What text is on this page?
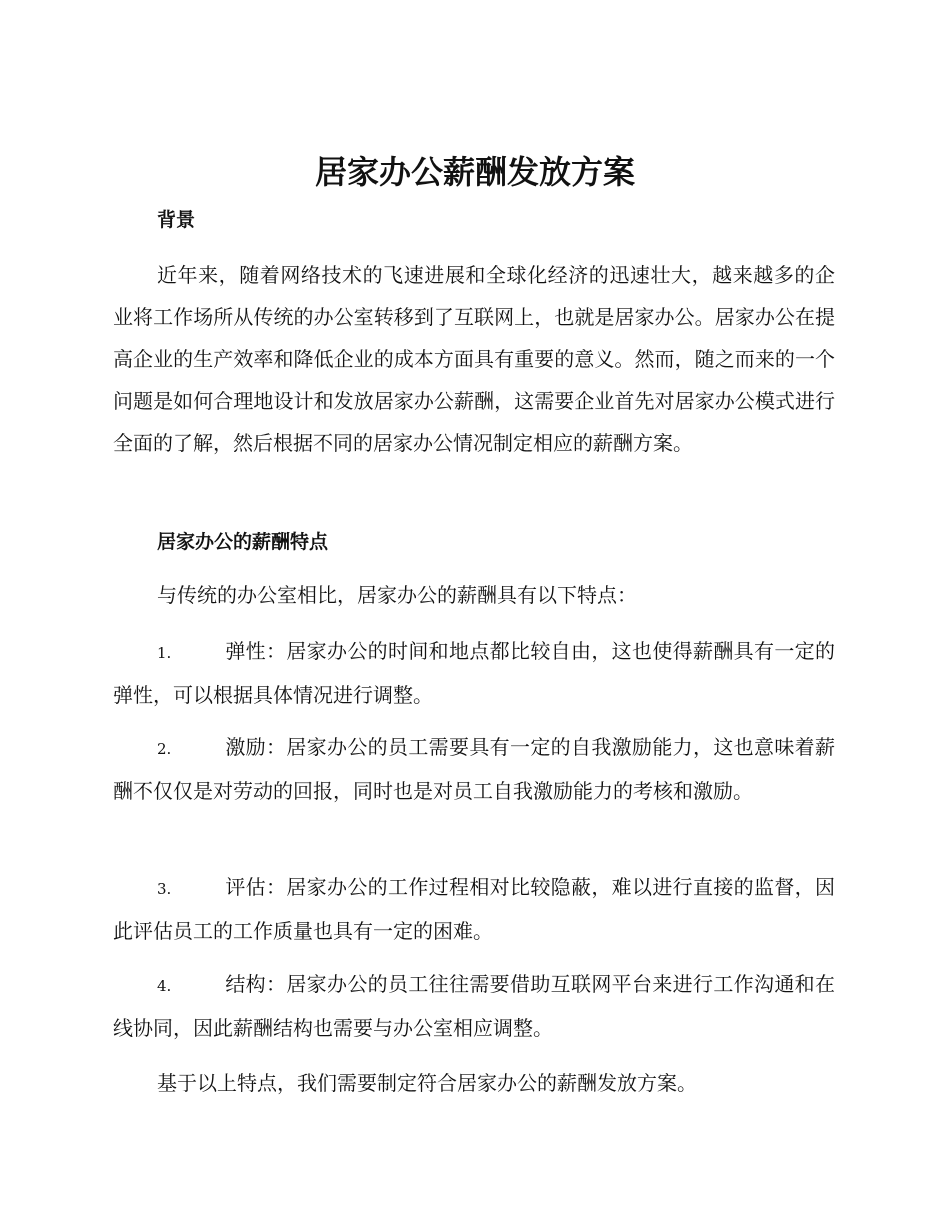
居家办公薪酬发放方案
背景

近年来，随着网络技术的飞速进展和全球化经济的迅速壮大，越来越多的企业将工作场所从传统的办公室转移到了互联网上，也就是居家办公。居家办公在提高企业的生产效率和降低企业的成本方面具有重要的意义。然而，随之而来的一个问题是如何合理地设计和发放居家办公薪酬，这需要企业首先对居家办公模式进行全面的了解，然后根据不同的居家办公情况制定相应的薪酬方案。

居家办公的薪酬特点

与传统的办公室相比，居家办公的薪酬具有以下特点：

1.	弹性：居家办公的时间和地点都比较自由，这也使得薪酬具有一定的弹性，可以根据具体情况进行调整。

2.	激励：居家办公的员工需要具有一定的自我激励能力，这也意味着薪酬不仅仅是对劳动的回报，同时也是对员工自我激励能力的考核和激励。

3.	评估：居家办公的工作过程相对比较隐蔽，难以进行直接的监督，因此评估员工的工作质量也具有一定的困难。

4.	结构：居家办公的员工往往需要借助互联网平台来进行工作沟通和在线协同，因此薪酬结构也需要与办公室相应调整。

基于以上特点，我们需要制定符合居家办公的薪酬发放方案。
